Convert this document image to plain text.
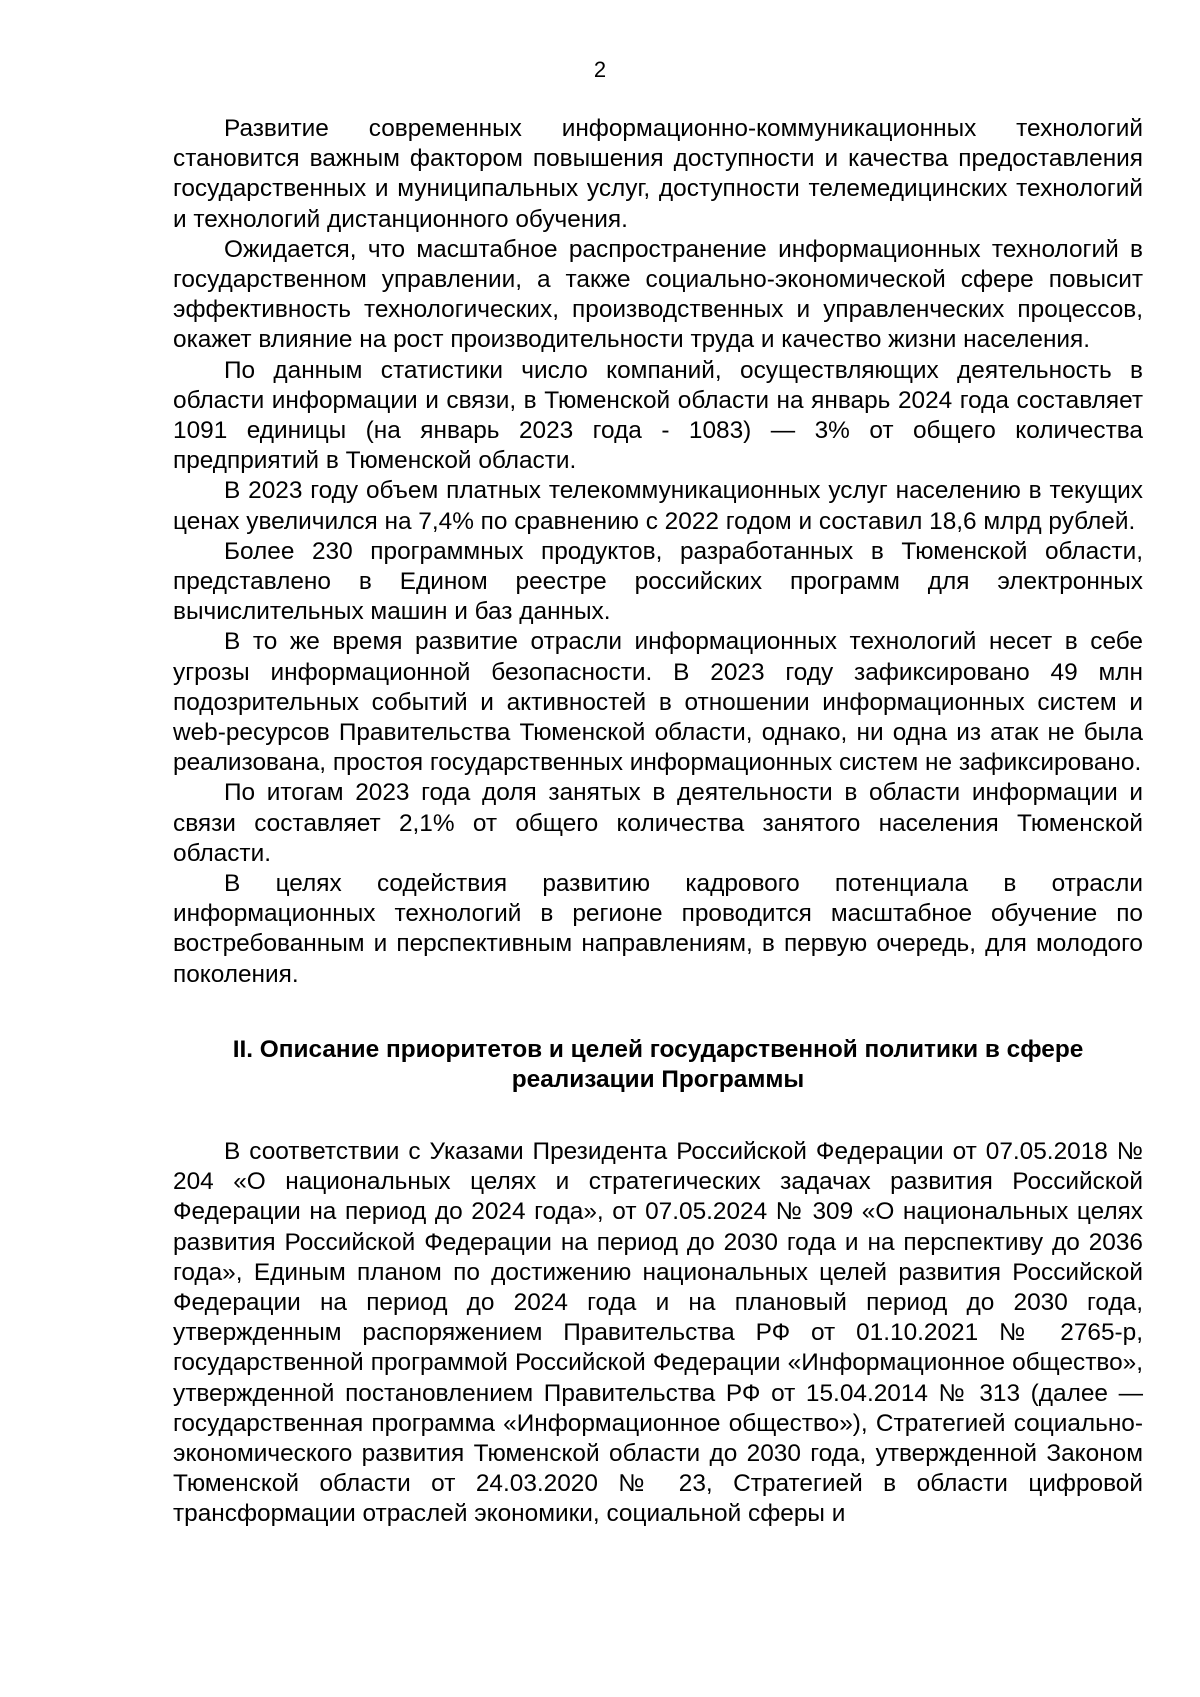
2

Развитие современных информационно-коммуникационных технологий становится важным фактором повышения доступности и качества предоставления государственных и муниципальных услуг, доступности телемедицинских технологий и технологий дистанционного обучения.

Ожидается, что масштабное распространение информационных технологий в государственном управлении, а также социально-экономической сфере повысит эффективность технологических, производственных и управленческих процессов, окажет влияние на рост производительности труда и качество жизни населения.

По данным статистики число компаний, осуществляющих деятельность в области информации и связи, в Тюменской области на январь 2024 года составляет 1091 единицы (на январь 2023 года - 1083) — 3% от общего количества предприятий в Тюменской области.

В 2023 году объем платных телекоммуникационных услуг населению в текущих ценах увеличился на 7,4% по сравнению с 2022 годом и составил 18,6 млрд рублей.

Более 230 программных продуктов, разработанных в Тюменской области, представлено в Едином реестре российских программ для электронных вычислительных машин и баз данных.

В то же время развитие отрасли информационных технологий несет в себе угрозы информационной безопасности. В 2023 году зафиксировано 49 млн подозрительных событий и активностей в отношении информационных систем и web-ресурсов Правительства Тюменской области, однако, ни одна из атак не была реализована, простоя государственных информационных систем не зафиксировано.

По итогам 2023 года доля занятых в деятельности в области информации и связи составляет 2,1% от общего количества занятого населения Тюменской области.

В целях содействия развитию кадрового потенциала в отрасли информационных технологий в регионе проводится масштабное обучение по востребованным и перспективным направлениям, в первую очередь, для молодого поколения.

II. Описание приоритетов и целей государственной политики в сфере
реализации Программы

В соответствии с Указами Президента Российской Федерации от 07.05.2018 № 204 «О национальных целях и стратегических задачах развития Российской Федерации на период до 2024 года», от 07.05.2024 № 309 «О национальных целях развития Российской Федерации на период до 2030 года и на перспективу до 2036 года», Единым планом по достижению национальных целей развития Российской Федерации на период до 2024 года и на плановый период до 2030 года, утвержденным распоряжением Правительства РФ от 01.10.2021 № 2765-р, государственной программой Российской Федерации «Информационное общество», утвержденной постановлением Правительства РФ от 15.04.2014 № 313 (далее — государственная программа «Информационное общество»), Стратегией социально-экономического развития Тюменской области до 2030 года, утвержденной Законом Тюменской области от 24.03.2020 № 23, Стратегией в области цифровой трансформации отраслей экономики, социальной сферы и
